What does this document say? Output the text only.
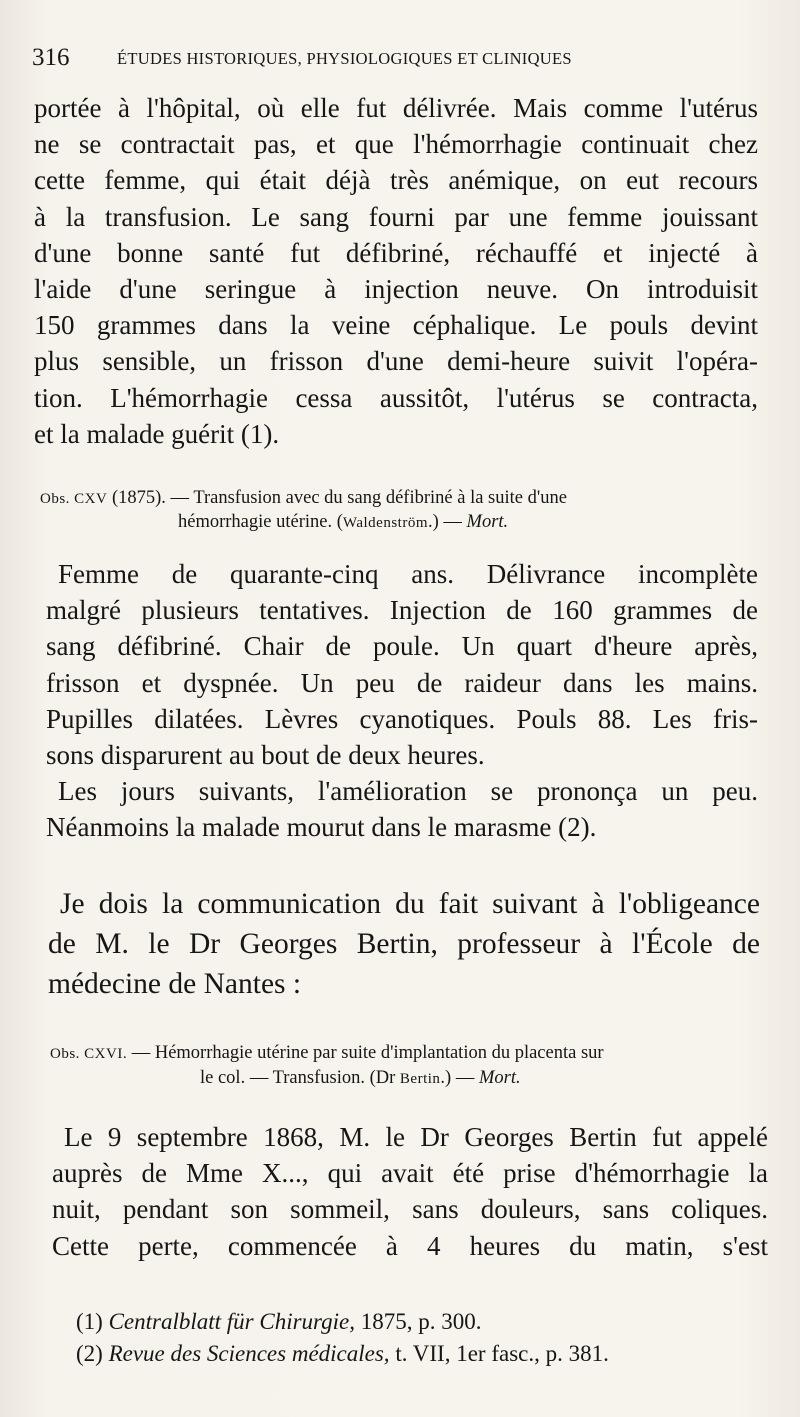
316	ÉTUDES HISTORIQUES, PHYSIOLOGIQUES ET CLINIQUES
portée à l'hôpital, où elle fut délivrée. Mais comme l'utérus
ne se contractait pas, et que l'hémorrhagie continuait chez
cette femme, qui était déjà très anémique, on eut recours
à la transfusion. Le sang fourni par une femme jouissant
d'une bonne santé fut défibriné, réchauffé et injecté à
l'aide d'une seringue à injection neuve. On introduisit
150 grammes dans la veine céphalique. Le pouls devint
plus sensible, un frisson d'une demi-heure suivit l'opéra-
tion. L'hémorrhagie cessa aussitôt, l'utérus se contracta,
et la malade guérit (1).
Obs. CXV (1875). — Transfusion avec du sang défibriné à la suite d'une
hémorrhagie utérine. (Waldenström.) — Mort.
Femme de quarante-cinq ans. Délivrance incomplète
malgré plusieurs tentatives. Injection de 160 grammes de
sang défibriné. Chair de poule. Un quart d'heure après,
frisson et dyspnée. Un peu de raideur dans les mains.
Pupilles dilatées. Lèvres cyanotiques. Pouls 88. Les fris-
sons disparurent au bout de deux heures.
Les jours suivants, l'amélioration se prononça un peu.
Néanmoins la malade mourut dans le marasme (2).
Je dois la communication du fait suivant à l'obligeance
de M. le Dr Georges Bertin, professeur à l'École de
médecine de Nantes :
Obs. CXVI. — Hémorrhagie utérine par suite d'implantation du placenta sur
le col. — Transfusion. (Dr Bertin.) — Mort.
Le 9 septembre 1868, M. le Dr Georges Bertin fut appelé
auprès de Mme X..., qui avait été prise d'hémorrhagie la
nuit, pendant son sommeil, sans douleurs, sans coliques.
Cette perte, commencée à 4 heures du matin, s'est
(1) Centralblatt für Chirurgie, 1875, p. 300.
(2) Revue des Sciences médicales, t. VII, 1er fasc., p. 381.
